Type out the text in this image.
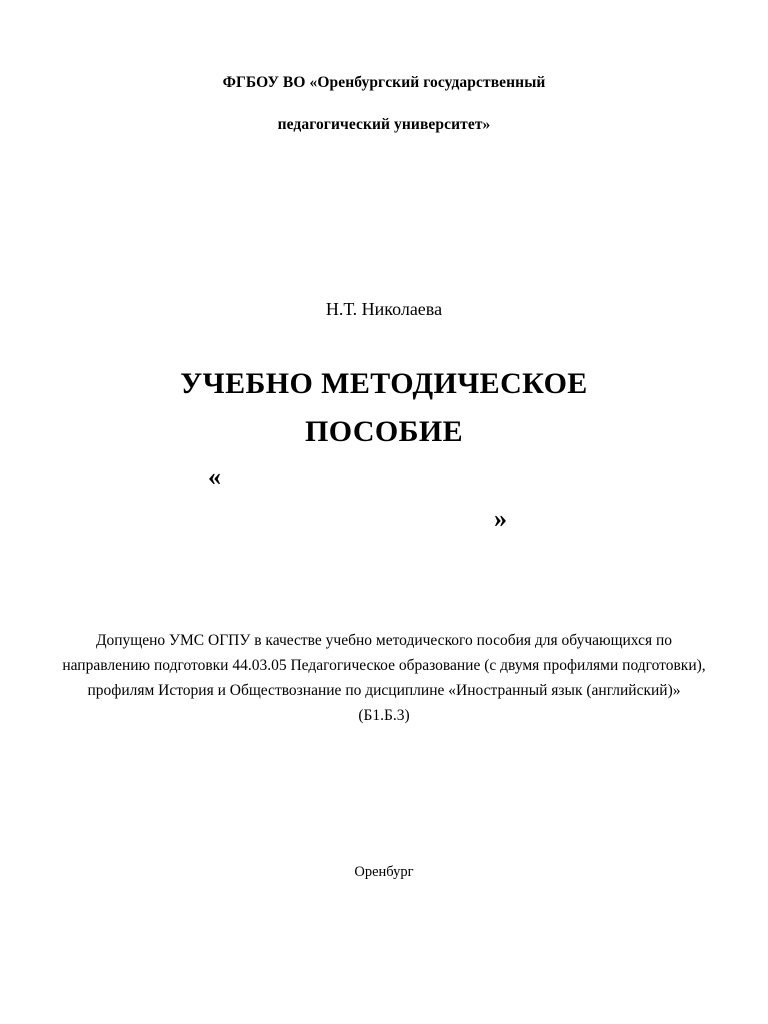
ФГБОУ ВО «Оренбургский государственный
педагогический университет»
Н.Т. Николаева
УЧЕБНО МЕТОДИЧЕСКОЕ ПОСОБИЕ
«
»
Допущено УМС ОГПУ в качестве учебно методического пособия для обучающихся по направлению подготовки 44.03.05 Педагогическое образование (с двумя профилями подготовки), профилям История и Обществознание по дисциплине «Иностранный язык (английский)» (Б1.Б.3)
Оренбург
